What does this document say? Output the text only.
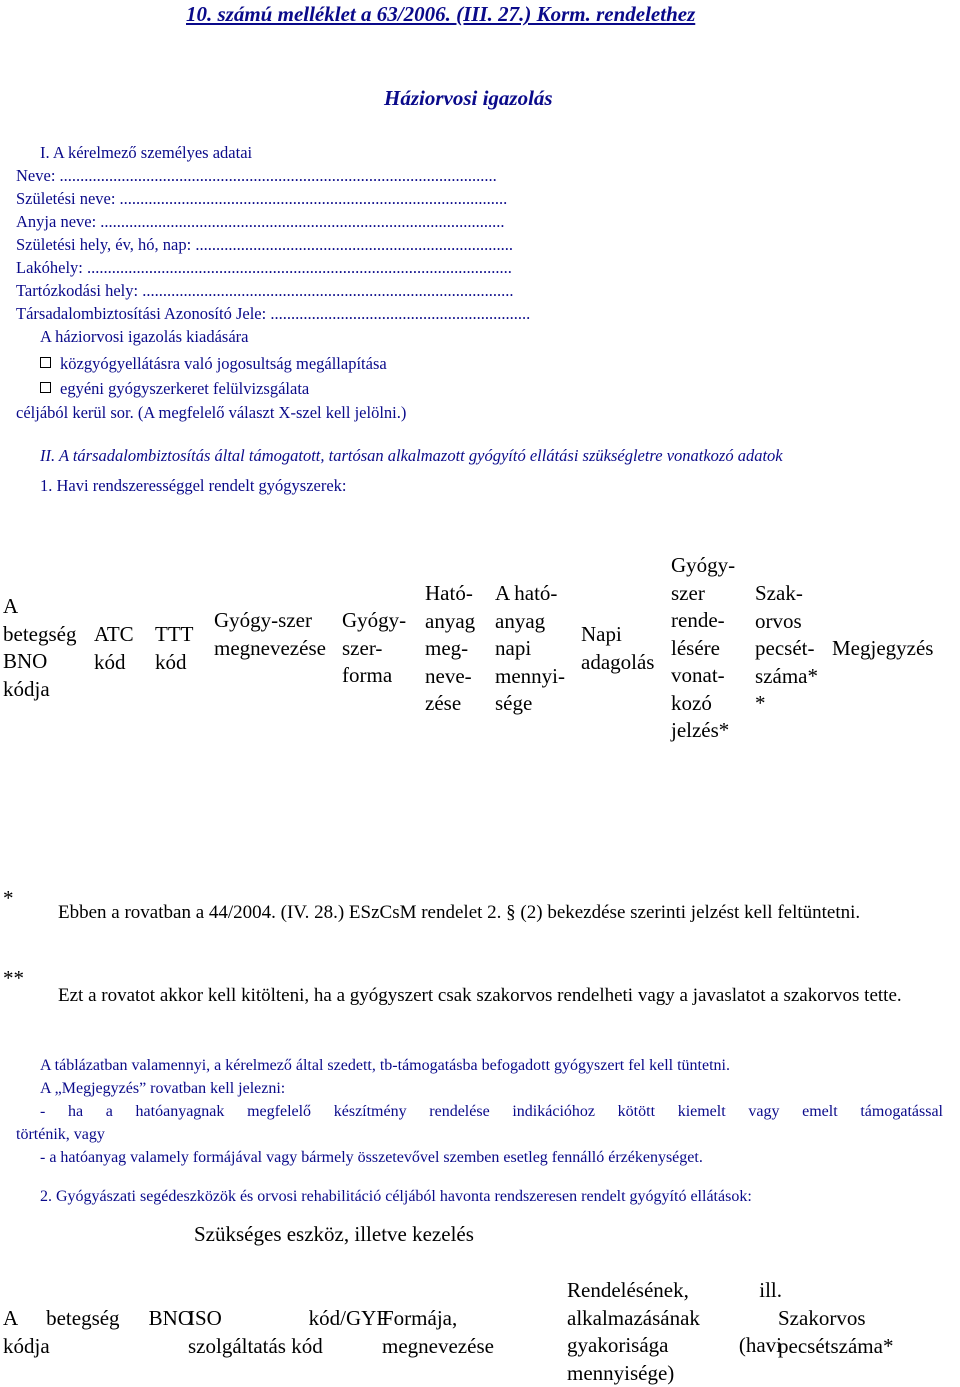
10. számú melléklet a 63/2006. (III. 27.) Korm. rendelethez
Háziorvosi igazolás
I. A kérelmező személyes adatai
Neve: ..........................................................................................................
Születési neve: ..............................................................................................
Anyja neve: ..................................................................................................
Születési hely, év, hó, nap: .............................................................................
Lakóhely: .......................................................................................................
Tartózkodási hely: ..........................................................................................
Társadalombiztosítási Azonosító Jele: ...............................................................
A háziorvosi igazolás kiadására
közgyógyellátásra való jogosultság megállapítása
egyéni gyógyszerkeret felülvizsgálata
céljából kerül sor. (A megfelelő választ X-szel kell jelölni.)
II. A társadalombiztosítás által támogatott, tartósan alkalmazott gyógyító ellátási szükségletre vonatkozó adatok
1. Havi rendszerességgel rendelt gyógyszerek:
A betegség BNO kódja
ATC kód
TTT kód
Gyógy-szer megnevezése
Gyógy-szer-forma
Ható-anyag meg-neve-zése
A ható-anyag napi mennyi-sége
Napi adagolás
Gyógy-szer rende-lésére vonat-kozó jelzés*
Szak-orvos pecsét-száma* *
Megjegyzés
*
Ebben a rovatban a 44/2004. (IV. 28.) ESzCsM rendelet 2. § (2) bekezdése szerinti jelzést kell feltüntetni.
**
Ezt a rovatot akkor kell kitölteni, ha a gyógyszert csak szakorvos rendelheti vagy a javaslatot a szakorvos tette.
A táblázatban valamennyi, a kérelmező által szedett, tb-támogatásba befogadott gyógyszert fel kell tüntetni.
A „Megjegyzés” rovatban kell jelezni:
- ha a hatóanyagnak megfelelő készítmény rendelése indikációhoz kötött kiemelt vagy emelt támogatással
történik, vagy
- a hatóanyag valamely formájával vagy bármely összetevővel szemben esetleg fennálló érzékenységet.
2. Gyógyászati segédeszközök és orvosi rehabilitáció céljából havonta rendszeresen rendelt gyógyító ellátások:
Szükséges eszköz, illetve kezelés
A betegség BNO kódja
ISO kód/GYF szolgáltatás kód
Formája, megnevezése
Rendelésének, ill. alkalmazásának gyakorisága (havi mennyisége)
Szakorvos pecsétszáma*
